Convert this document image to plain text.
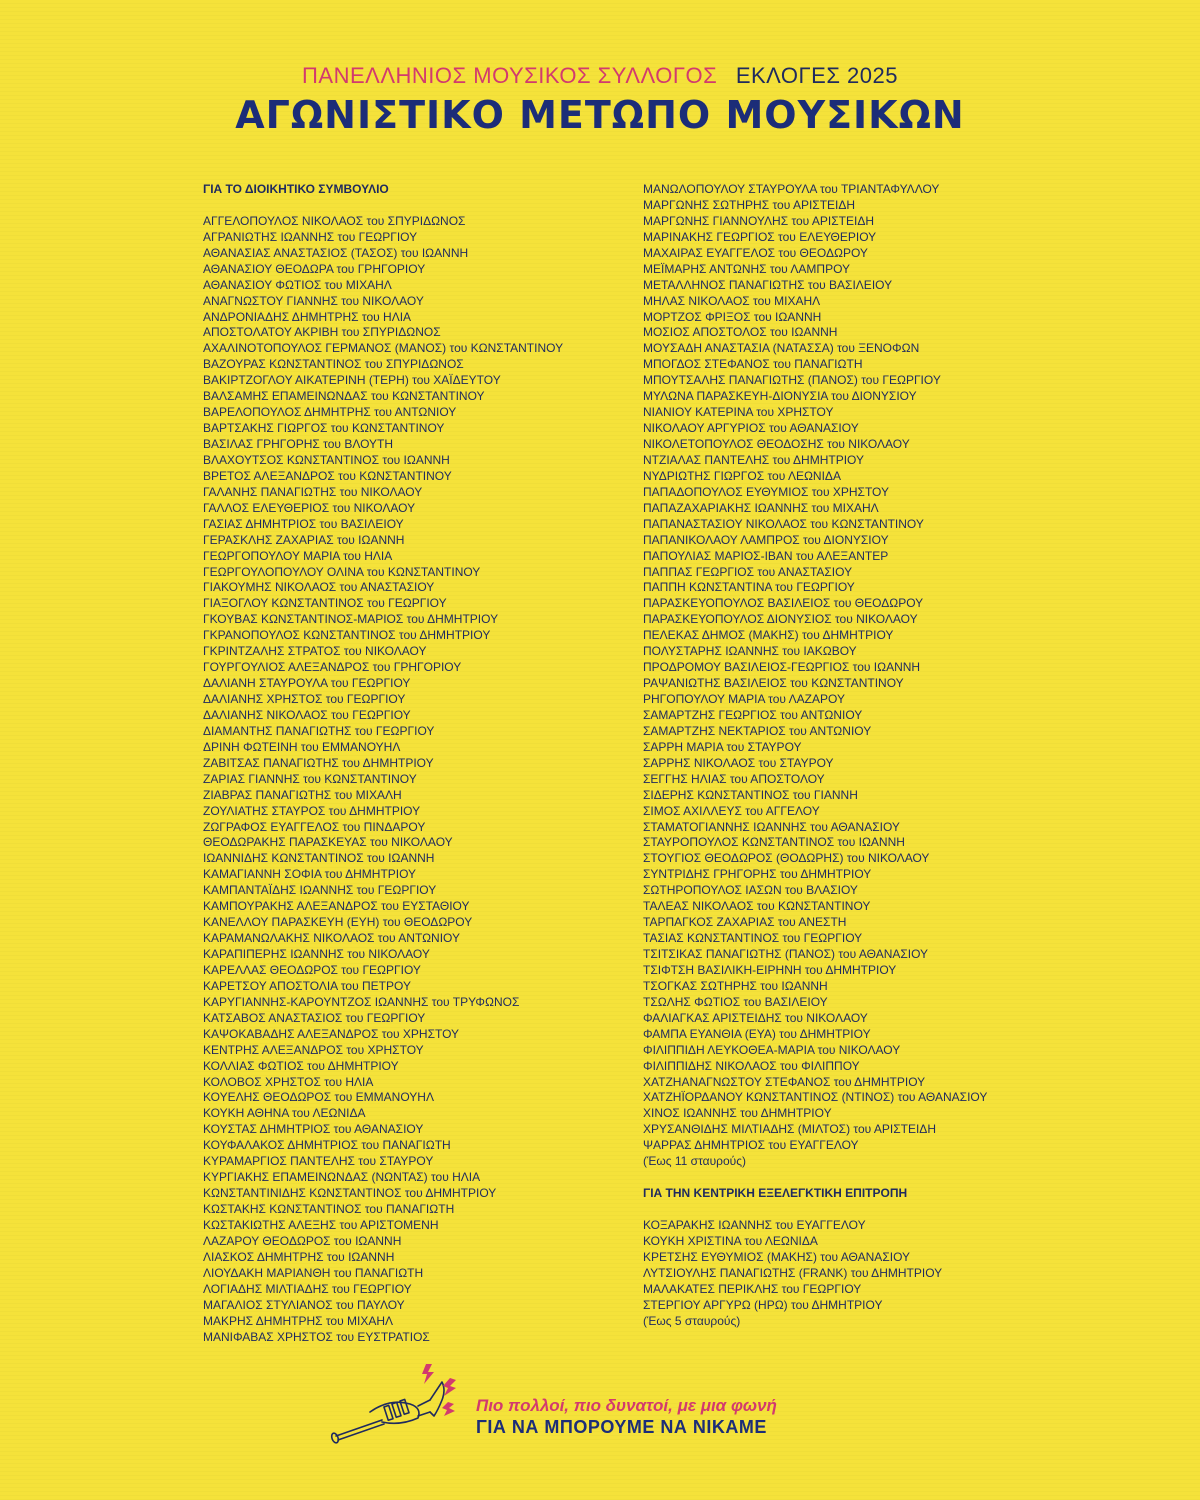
ΠΑΝΕΛΛΗΝΙΟΣ ΜΟΥΣΙΚΟΣ ΣΥΛΛΟΓΟΣ ΕΚΛΟΓΕΣ 2025
ΑΓΩΝΙΣΤΙΚΟ ΜΕΤΩΠΟ ΜΟΥΣΙΚΩΝ
ΓΙΑ ΤΟ ΔΙΟΙΚΗΤΙΚΟ ΣΥΜΒΟΥΛΙΟ
ΑΓΓΕΛΟΠΟΥΛΟΣ ΝΙΚΟΛΑΟΣ του ΣΠΥΡΙΔΩΝΟΣ
ΑΓΡΑΝΙΩΤΗΣ ΙΩΑΝΝΗΣ του ΓΕΩΡΓΙΟΥ
ΑΘΑΝΑΣΙΑΣ ΑΝΑΣΤΑΣΙΟΣ (ΤΑΣΟΣ) του ΙΩΑΝΝΗ
ΑΘΑΝΑΣΙΟΥ ΘΕΟΔΩΡΑ του ΓΡΗΓΟΡΙΟΥ
ΑΘΑΝΑΣΙΟΥ ΦΩΤΙΟΣ του ΜΙΧΑΗΛ
ΑΝΑΓΝΩΣΤΟΥ ΓΙΑΝΝΗΣ του ΝΙΚΟΛΑΟΥ
ΑΝΔΡΟΝΙΑΔΗΣ ΔΗΜΗΤΡΗΣ του ΗΛΙΑ
ΑΠΟΣΤΟΛΑΤΟΥ ΑΚΡΙΒΗ του ΣΠΥΡΙΔΩΝΟΣ
ΑΧΑΛΙΝΟΤΟΠΟΥΛΟΣ ΓΕΡΜΑΝΟΣ (ΜΑΝΟΣ) του ΚΩΝΣΤΑΝΤΙΝΟΥ
ΒΑΖΟΥΡΑΣ ΚΩΝΣΤΑΝΤΙΝΟΣ του ΣΠΥΡΙΔΩΝΟΣ
ΒΑΚΙΡΤΖΟΓΛΟΥ ΑΙΚΑΤΕΡΙΝΗ (ΤΕΡΗ) του ΧΑΪΔΕΥΤΟΥ
ΒΑΛΣΑΜΗΣ ΕΠΑΜΕΙΝΩΝΔΑΣ του ΚΩΝΣΤΑΝΤΙΝΟΥ
ΒΑΡΕΛΟΠΟΥΛΟΣ ΔΗΜΗΤΡΗΣ του ΑΝΤΩΝΙΟΥ
ΒΑΡΤΣΑΚΗΣ ΓΙΩΡΓΟΣ του ΚΩΝΣΤΑΝΤΙΝΟΥ
ΒΑΣΙΛΑΣ ΓΡΗΓΟΡΗΣ του ΒΛΟΥΤΗ
ΒΛΑΧΟΥΤΣΟΣ ΚΩΝΣΤΑΝΤΙΝΟΣ του ΙΩΑΝΝΗ
ΒΡΕΤΟΣ ΑΛΕΞΑΝΔΡΟΣ του ΚΩΝΣΤΑΝΤΙΝΟΥ
ΓΑΛΑΝΗΣ ΠΑΝΑΓΙΩΤΗΣ του ΝΙΚΟΛΑΟΥ
ΓΑΛΛΟΣ ΕΛΕΥΘΕΡΙΟΣ του ΝΙΚΟΛΑΟΥ
ΓΑΣΙΑΣ ΔΗΜΗΤΡΙΟΣ του ΒΑΣΙΛΕΙΟΥ
ΓΕΡΑΣΚΛΗΣ ΖΑΧΑΡΙΑΣ του ΙΩΑΝΝΗ
ΓΕΩΡΓΟΠΟΥΛΟΥ ΜΑΡΙΑ του ΗΛΙΑ
ΓΕΩΡΓΟΥΛΟΠΟΥΛΟΥ ΟΛΙΝΑ του ΚΩΝΣΤΑΝΤΙΝΟΥ
ΓΙΑΚΟΥΜΗΣ ΝΙΚΟΛΑΟΣ του ΑΝΑΣΤΑΣΙΟΥ
ΓΙΑΞΟΓΛΟΥ ΚΩΝΣΤΑΝΤΙΝΟΣ του ΓΕΩΡΓΙΟΥ
ΓΚΟΥΒΑΣ ΚΩΝΣΤΑΝΤΙΝΟΣ-ΜΑΡΙΟΣ του ΔΗΜΗΤΡΙΟΥ
ΓΚΡΑΝΟΠΟΥΛΟΣ ΚΩΝΣΤΑΝΤΙΝΟΣ του ΔΗΜΗΤΡΙΟΥ
ΓΚΡΙΝΤΖΑΛΗΣ ΣΤΡΑΤΟΣ του ΝΙΚΟΛΑΟΥ
ΓΟΥΡΓΟΥΛΙΟΣ ΑΛΕΞΑΝΔΡΟΣ του ΓΡΗΓΟΡΙΟΥ
ΔΑΛΙΑΝΗ ΣΤΑΥΡΟΥΛΑ του ΓΕΩΡΓΙΟΥ
ΔΑΛΙΑΝΗΣ ΧΡΗΣΤΟΣ του ΓΕΩΡΓΙΟΥ
ΔΑΛΙΑΝΗΣ ΝΙΚΟΛΑΟΣ του ΓΕΩΡΓΙΟΥ
ΔΙΑΜΑΝΤΗΣ ΠΑΝΑΓΙΩΤΗΣ του ΓΕΩΡΓΙΟΥ
ΔΡΙΝΗ ΦΩΤΕΙΝΗ του ΕΜΜΑΝΟΥΗΛ
ΖΑΒΙΤΣΑΣ ΠΑΝΑΓΙΩΤΗΣ του ΔΗΜΗΤΡΙΟΥ
ΖΑΡΙΑΣ ΓΙΑΝΝΗΣ του ΚΩΝΣΤΑΝΤΙΝΟΥ
ΖΙΑΒΡΑΣ ΠΑΝΑΓΙΩΤΗΣ του ΜΙΧΑΛΗ
ΖΟΥΛΙΑΤΗΣ ΣΤΑΥΡΟΣ του ΔΗΜΗΤΡΙΟΥ
ΖΩΓΡΑΦΟΣ ΕΥΑΓΓΕΛΟΣ του ΠΙΝΔΑΡΟΥ
ΘΕΟΔΩΡΑΚΗΣ ΠΑΡΑΣΚΕΥΑΣ του ΝΙΚΟΛΑΟΥ
ΙΩΑΝΝΙΔΗΣ ΚΩΝΣΤΑΝΤΙΝΟΣ του ΙΩΑΝΝΗ
ΚΑΜΑΓΙΑΝΝΗ ΣΟΦΙΑ του ΔΗΜΗΤΡΙΟΥ
ΚΑΜΠΑΝΤΑΪΔΗΣ ΙΩΑΝΝΗΣ του ΓΕΩΡΓΙΟΥ
ΚΑΜΠΟΥΡΑΚΗΣ ΑΛΕΞΑΝΔΡΟΣ του ΕΥΣΤΑΘΙΟΥ
ΚΑΝΕΛΛΟΥ ΠΑΡΑΣΚΕΥΗ (ΕΥΗ) του ΘΕΟΔΩΡΟΥ
ΚΑΡΑΜΑΝΩΛΑΚΗΣ ΝΙΚΟΛΑΟΣ του ΑΝΤΩΝΙΟΥ
ΚΑΡΑΠΙΠΕΡΗΣ ΙΩΑΝΝΗΣ του ΝΙΚΟΛΑΟΥ
ΚΑΡΕΛΛΑΣ ΘΕΟΔΩΡΟΣ του ΓΕΩΡΓΙΟΥ
ΚΑΡΕΤΣΟΥ ΑΠΟΣΤΟΛΙΑ του ΠΕΤΡΟΥ
ΚΑΡΥΓΙΑΝΝΗΣ-ΚΑΡΟΥΝΤΖΟΣ ΙΩΑΝΝΗΣ του ΤΡΥΦΩΝΟΣ
ΚΑΤΣΑΒΟΣ ΑΝΑΣΤΑΣΙΟΣ του ΓΕΩΡΓΙΟΥ
ΚΑΨΟΚΑΒΑΔΗΣ ΑΛΕΞΑΝΔΡΟΣ του ΧΡΗΣΤΟΥ
ΚΕΝΤΡΗΣ ΑΛΕΞΑΝΔΡΟΣ του ΧΡΗΣΤΟΥ
ΚΟΛΛΙΑΣ ΦΩΤΙΟΣ του ΔΗΜΗΤΡΙΟΥ
ΚΟΛΟΒΟΣ ΧΡΗΣΤΟΣ του ΗΛΙΑ
ΚΟΥΕΛΗΣ ΘΕΟΔΩΡΟΣ του ΕΜΜΑΝΟΥΗΛ
ΚΟΥΚΗ ΑΘΗΝΑ του ΛΕΩΝΙΔΑ
ΚΟΥΣΤΑΣ ΔΗΜΗΤΡΙΟΣ του ΑΘΑΝΑΣΙΟΥ
ΚΟΥΦΑΛΑΚΟΣ ΔΗΜΗΤΡΙΟΣ του ΠΑΝΑΓΙΩΤΗ
ΚΥΡΑΜΑΡΓΙΟΣ ΠΑΝΤΕΛΗΣ του ΣΤΑΥΡΟΥ
ΚΥΡΓΙΑΚΗΣ ΕΠΑΜΕΙΝΩΝΔΑΣ (ΝΩΝΤΑΣ) του ΗΛΙΑ
ΚΩΝΣΤΑΝΤΙΝΙΔΗΣ ΚΩΝΣΤΑΝΤΙΝΟΣ του ΔΗΜΗΤΡΙΟΥ
ΚΩΣΤΑΚΗΣ ΚΩΝΣΤΑΝΤΙΝΟΣ του ΠΑΝΑΓΙΩΤΗ
ΚΩΣΤΑΚΙΩΤΗΣ ΑΛΕΞΗΣ του ΑΡΙΣΤΟΜΕΝΗ
ΛΑΖΑΡΟΥ ΘΕΟΔΩΡΟΣ του ΙΩΑΝΝΗ
ΛΙΑΣΚΟΣ ΔΗΜΗΤΡΗΣ του ΙΩΑΝΝΗ
ΛΙΟΥΔΑΚΗ ΜΑΡΙΑΝΘΗ του ΠΑΝΑΓΙΩΤΗ
ΛΟΓΙΑΔΗΣ ΜΙΛΤΙΑΔΗΣ του ΓΕΩΡΓΙΟΥ
ΜΑΓΑΛΙΟΣ ΣΤΥΛΙΑΝΟΣ του ΠΑΥΛΟΥ
ΜΑΚΡΗΣ ΔΗΜΗΤΡΗΣ του ΜΙΧΑΗΛ
ΜΑΝΙΦΑΒΑΣ ΧΡΗΣΤΟΣ του ΕΥΣΤΡΑΤΙΟΣ
ΜΑΝΩΛΟΠΟΥΛΟΥ ΣΤΑΥΡΟΥΛΑ του ΤΡΙΑΝΤΑΦΥΛΛΟΥ
ΜΑΡΓΩΝΗΣ ΣΩΤΗΡΗΣ του ΑΡΙΣΤΕΙΔΗ
ΜΑΡΓΩΝΗΣ ΓΙΑΝΝΟΥΛΗΣ του ΑΡΙΣΤΕΙΔΗ
ΜΑΡΙΝΑΚΗΣ ΓΕΩΡΓΙΟΣ του ΕΛΕΥΘΕΡΙΟΥ
ΜΑΧΑΙΡΑΣ ΕΥΑΓΓΕΛΟΣ του ΘΕΟΔΩΡΟΥ
ΜΕΪΜΑΡΗΣ ΑΝΤΩΝΗΣ του ΛΑΜΠΡΟΥ
ΜΕΤΑΛΛΗΝΟΣ ΠΑΝΑΓΙΩΤΗΣ του ΒΑΣΙΛΕΙΟΥ
ΜΗΛΑΣ ΝΙΚΟΛΑΟΣ του ΜΙΧΑΗΛ
ΜΟΡΤΖΟΣ ΦΡΙΞΟΣ του ΙΩΑΝΝΗ
ΜΟΣΙΟΣ ΑΠΟΣΤΟΛΟΣ του ΙΩΑΝΝΗ
ΜΟΥΣΑΔΗ ΑΝΑΣΤΑΣΙΑ (ΝΑΤΑΣΣΑ) του ΞΕΝΟΦΩΝ
ΜΠΟΓΔΟΣ ΣΤΕΦΑΝΟΣ του ΠΑΝΑΓΙΩΤΗ
ΜΠΟΥΤΣΑΛΗΣ ΠΑΝΑΓΙΩΤΗΣ (ΠΑΝΟΣ) του ΓΕΩΡΓΙΟΥ
ΜΥΛΩΝΑ ΠΑΡΑΣΚΕΥΗ-ΔΙΟΝΥΣΙΑ του ΔΙΟΝΥΣΙΟΥ
ΝΙΑΝΙΟΥ ΚΑΤΕΡΙΝΑ του ΧΡΗΣΤΟΥ
ΝΙΚΟΛΑΟΥ ΑΡΓΥΡΙΟΣ του ΑΘΑΝΑΣΙΟΥ
ΝΙΚΟΛΕΤΟΠΟΥΛΟΣ ΘΕΟΔΟΣΗΣ του ΝΙΚΟΛΑΟΥ
ΝΤΖΙΑΛΑΣ ΠΑΝΤΕΛΗΣ του ΔΗΜΗΤΡΙΟΥ
ΝΥΔΡΙΩΤΗΣ ΓΙΩΡΓΟΣ του ΛΕΩΝΙΔΑ
ΠΑΠΑΔΟΠΟΥΛΟΣ ΕΥΘΥΜΙΟΣ του ΧΡΗΣΤΟΥ
ΠΑΠΑΖΑΧΑΡΙΑΚΗΣ ΙΩΑΝΝΗΣ του ΜΙΧΑΗΛ
ΠΑΠΑΝΑΣΤΑΣΙΟΥ ΝΙΚΟΛΑΟΣ του ΚΩΝΣΤΑΝΤΙΝΟΥ
ΠΑΠΑΝΙΚΟΛΑΟΥ ΛΑΜΠΡΟΣ του ΔΙΟΝΥΣΙΟΥ
ΠΑΠΟΥΛΙΑΣ ΜΑΡΙΟΣ-ΙΒΑΝ του ΑΛΕΞΑΝΤΕΡ
ΠΑΠΠΑΣ ΓΕΩΡΓΙΟΣ του ΑΝΑΣΤΑΣΙΟΥ
ΠΑΠΠΗ ΚΩΝΣΤΑΝΤΙΝΑ του ΓΕΩΡΓΙΟΥ
ΠΑΡΑΣΚΕΥΟΠΟΥΛΟΣ ΒΑΣΙΛΕΙΟΣ του ΘΕΟΔΩΡΟΥ
ΠΑΡΑΣΚΕΥΟΠΟΥΛΟΣ ΔΙΟΝΥΣΙΟΣ του ΝΙΚΟΛΑΟΥ
ΠΕΛΕΚΑΣ ΔΗΜΟΣ (ΜΑΚΗΣ) του ΔΗΜΗΤΡΙΟΥ
ΠΟΛΥΣΤΑΡΗΣ ΙΩΑΝΝΗΣ του ΙΑΚΩΒΟΥ
ΠΡΟΔΡΟΜΟΥ ΒΑΣΙΛΕΙΟΣ-ΓΕΩΡΓΙΟΣ του ΙΩΑΝΝΗ
ΡΑΨΑΝΙΩΤΗΣ ΒΑΣΙΛΕΙΟΣ του ΚΩΝΣΤΑΝΤΙΝΟΥ
ΡΗΓΟΠΟΥΛΟΥ ΜΑΡΙΑ του ΛΑΖΑΡΟΥ
ΣΑΜΑΡΤΖΗΣ ΓΕΩΡΓΙΟΣ του ΑΝΤΩΝΙΟΥ
ΣΑΜΑΡΤΖΗΣ ΝΕΚΤΑΡΙΟΣ του ΑΝΤΩΝΙΟΥ
ΣΑΡΡΗ ΜΑΡΙΑ του ΣΤΑΥΡΟΥ
ΣΑΡΡΗΣ ΝΙΚΟΛΑΟΣ του ΣΤΑΥΡΟΥ
ΣΕΓΓΗΣ ΗΛΙΑΣ του ΑΠΟΣΤΟΛΟΥ
ΣΙΔΕΡΗΣ ΚΩΝΣΤΑΝΤΙΝΟΣ του ΓΙΑΝΝΗ
ΣΙΜΟΣ ΑΧΙΛΛΕΥΣ του ΑΓΓΕΛΟΥ
ΣΤΑΜΑΤΟΓΙΑΝΝΗΣ ΙΩΑΝΝΗΣ του ΑΘΑΝΑΣΙΟΥ
ΣΤΑΥΡΟΠΟΥΛΟΣ ΚΩΝΣΤΑΝΤΙΝΟΣ του ΙΩΑΝΝΗ
ΣΤΟΥΓΙΟΣ ΘΕΟΔΩΡΟΣ (ΘΟΔΩΡΗΣ) του ΝΙΚΟΛΑΟΥ
ΣΥΝΤΡΙΔΗΣ ΓΡΗΓΟΡΗΣ του ΔΗΜΗΤΡΙΟΥ
ΣΩΤΗΡΟΠΟΥΛΟΣ ΙΑΣΩΝ του ΒΛΑΣΙΟΥ
ΤΑΛΕΑΣ ΝΙΚΟΛΑΟΣ του ΚΩΝΣΤΑΝΤΙΝΟΥ
ΤΑΡΠΑΓΚΟΣ ΖΑΧΑΡΙΑΣ του ΑΝΕΣΤΗ
ΤΑΣΙΑΣ ΚΩΝΣΤΑΝΤΙΝΟΣ του ΓΕΩΡΓΙΟΥ
ΤΣΙΤΣΙΚΑΣ ΠΑΝΑΓΙΩΤΗΣ (ΠΑΝΟΣ) του ΑΘΑΝΑΣΙΟΥ
ΤΣΙΦΤΣΗ ΒΑΣΙΛΙΚΗ-ΕΙΡΗΝΗ του ΔΗΜΗΤΡΙΟΥ
ΤΣΟΓΚΑΣ ΣΩΤΗΡΗΣ του ΙΩΑΝΝΗ
ΤΣΩΛΗΣ ΦΩΤΙΟΣ του ΒΑΣΙΛΕΙΟΥ
ΦΑΛΙΑΓΚΑΣ ΑΡΙΣΤΕΙΔΗΣ του ΝΙΚΟΛΑΟΥ
ΦΑΜΠΑ ΕΥΑΝΘΙΑ (ΕΥΑ) του ΔΗΜΗΤΡΙΟΥ
ΦΙΛΙΠΠΙΔΗ ΛΕΥΚΟΘΕΑ-ΜΑΡΙΑ του ΝΙΚΟΛΑΟΥ
ΦΙΛΙΠΠΙΔΗΣ ΝΙΚΟΛΑΟΣ του ΦΙΛΙΠΠΟΥ
ΧΑΤΖΗΑΝΑΓΝΩΣΤΟΥ ΣΤΕΦΑΝΟΣ του ΔΗΜΗΤΡΙΟΥ
ΧΑΤΖΗΪΟΡΔΑΝΟΥ ΚΩΝΣΤΑΝΤΙΝΟΣ (ΝΤΙΝΟΣ) του ΑΘΑΝΑΣΙΟΥ
ΧΙΝΟΣ ΙΩΑΝΝΗΣ του ΔΗΜΗΤΡΙΟΥ
ΧΡΥΣΑΝΘΙΔΗΣ ΜΙΛΤΙΑΔΗΣ (ΜΙΛΤΟΣ) του ΑΡΙΣΤΕΙΔΗ
ΨΑΡΡΑΣ ΔΗΜΗΤΡΙΟΣ του ΕΥΑΓΓΕΛΟΥ
(Έως 11 σταυρούς)
ΓΙΑ ΤΗΝ ΚΕΝΤΡΙΚΗ ΕΞΕΛΕΓΚΤΙΚΗ ΕΠΙΤΡΟΠΗ
ΚΟΞΑΡΑΚΗΣ ΙΩΑΝΝΗΣ του ΕΥΑΓΓΕΛΟΥ
ΚΟΥΚΗ ΧΡΙΣΤΙΝΑ του ΛΕΩΝΙΔΑ
ΚΡΕΤΣΗΣ ΕΥΘΥΜΙΟΣ (ΜΑΚΗΣ) του ΑΘΑΝΑΣΙΟΥ
ΛΥΤΣΙΟΥΛΗΣ ΠΑΝΑΓΙΩΤΗΣ (FRANK) του ΔΗΜΗΤΡΙΟΥ
ΜΑΛΑΚΑΤΕΣ ΠΕΡΙΚΛΗΣ του ΓΕΩΡΓΙΟΥ
ΣΤΕΡΓΙΟΥ ΑΡΓΥΡΩ (ΗΡΩ) του ΔΗΜΗΤΡΙΟΥ
(Έως 5 σταυρούς)
Πιο πολλοί, πιο δυνατοί, με μια φωνή
ΓΙΑ ΝΑ ΜΠΟΡΟΥΜΕ ΝΑ ΝΙΚΑΜΕ
